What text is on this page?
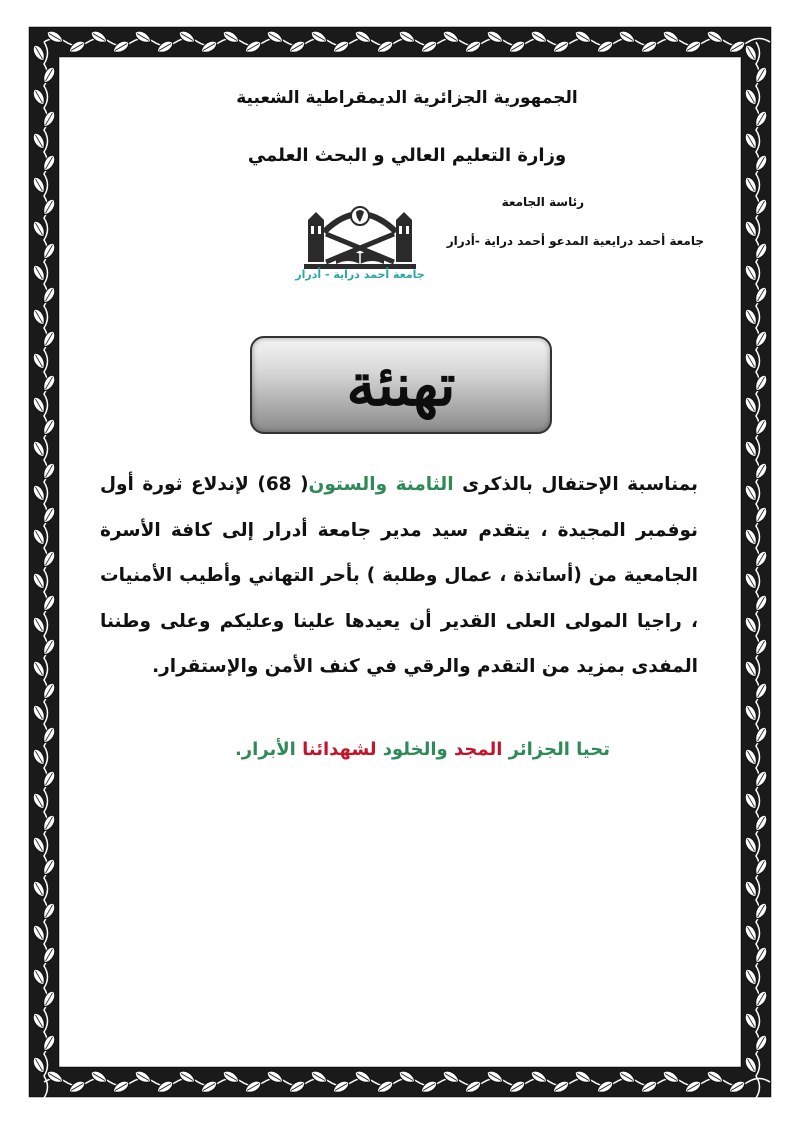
الجمهورية الجزائرية الديمقراطية الشعبية
وزارة التعليم العالي و البحث العلمي
رئاسة الجامعة
جامعة أحمد درايعية المدعو أحمد دراية -أدرار
جامعة أحمد دراية - أدرار
تهنئة
بمناسبة الإحتفال بالذكرى الثامنة والستون( 68) لإندلاع ثورة أول نوفمبر المجيدة ، يتقدم سيد مدير جامعة أدرار إلى كافة الأسرة الجامعية من (أساتذة ، عمال وطلبة ) بأحر التهاني وأطيب الأمنيات ، راجيا المولى العلى القدير أن يعيدها علينا وعليكم وعلى وطننا المفدى بمزيد من التقدم والرقي في كنف الأمن والإستقرار.
تحيا الجزائر المجد والخلود لشهدائنا الأبرار.
